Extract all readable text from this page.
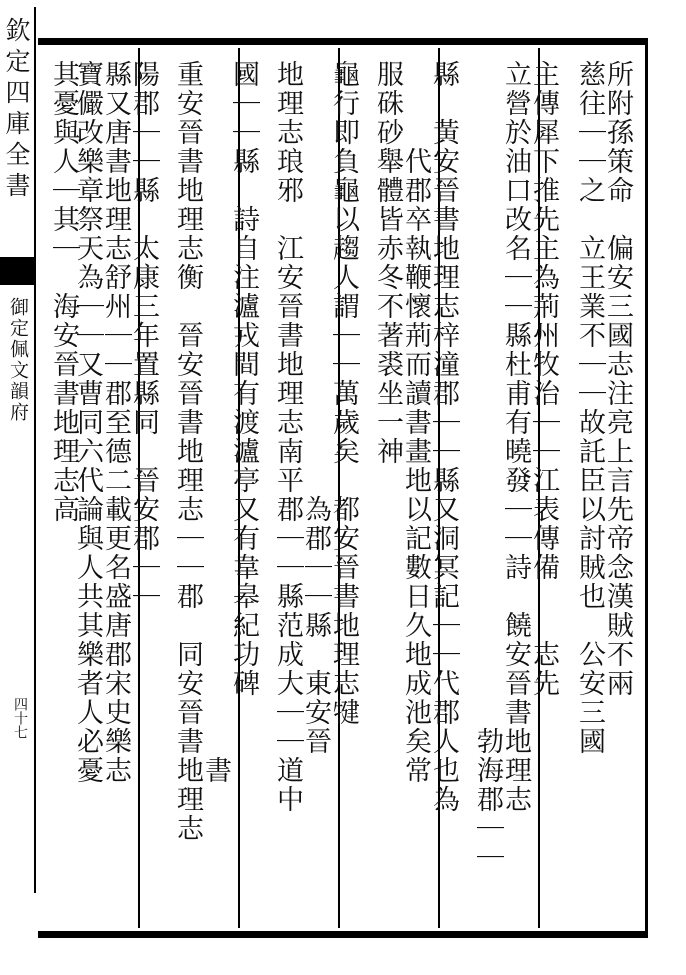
欽定四庫全書
御定佩文韻府
四十七
所附孫策命　偏安三國志注亮上言先帝念漢賊不兩
慈往｜｜之　立王業不｜｜故託臣以討賊也　公安三國
主傳犀下推先主為荊州牧治｜｜江表傳備　　志先
立營於油口改名｜｜縣杜甫有曉發｜｜詩　饒安晉書地理志
　　　　　　　　　　　　　　　　　　　　　　　勃海郡｜｜
縣　黃安晉書地理志梓潼郡｜｜縣又洞冥記｜｜代郡人也為
　　　代郡卒執鞭懷荊而讀書畫地以記數日久地成池矣常
服硃砂舉體皆赤冬不著裘坐一神
龜行即負龜以趨人謂｜｜萬歲矣　都安晉書地理志犍
　　　　　　　　　　　　　　　為郡｜｜縣　東安晉
地理志琅邪　江安晉書地理志南平郡｜｜縣范成大｜｜道中
國｜｜縣　詩自注瀘戎間有渡瀘亭又有韋皋紀功碑
　　　　　　　　　　　　　　　　　　　　　　　　書
重安晉書地理志衡　晉安晉書地理志｜｜郡　同安晉書地理志
陽郡｜｜縣　太康三年置縣同　晉安郡｜｜
縣又唐書地理志舒州｜｜郡至德二載更名盛唐郡宋史樂志
寶儼改樂章祭天為｜｜又曹同六代論與人共其樂者人必憂
其憂與人｜其｜　海安晉書地理志高
